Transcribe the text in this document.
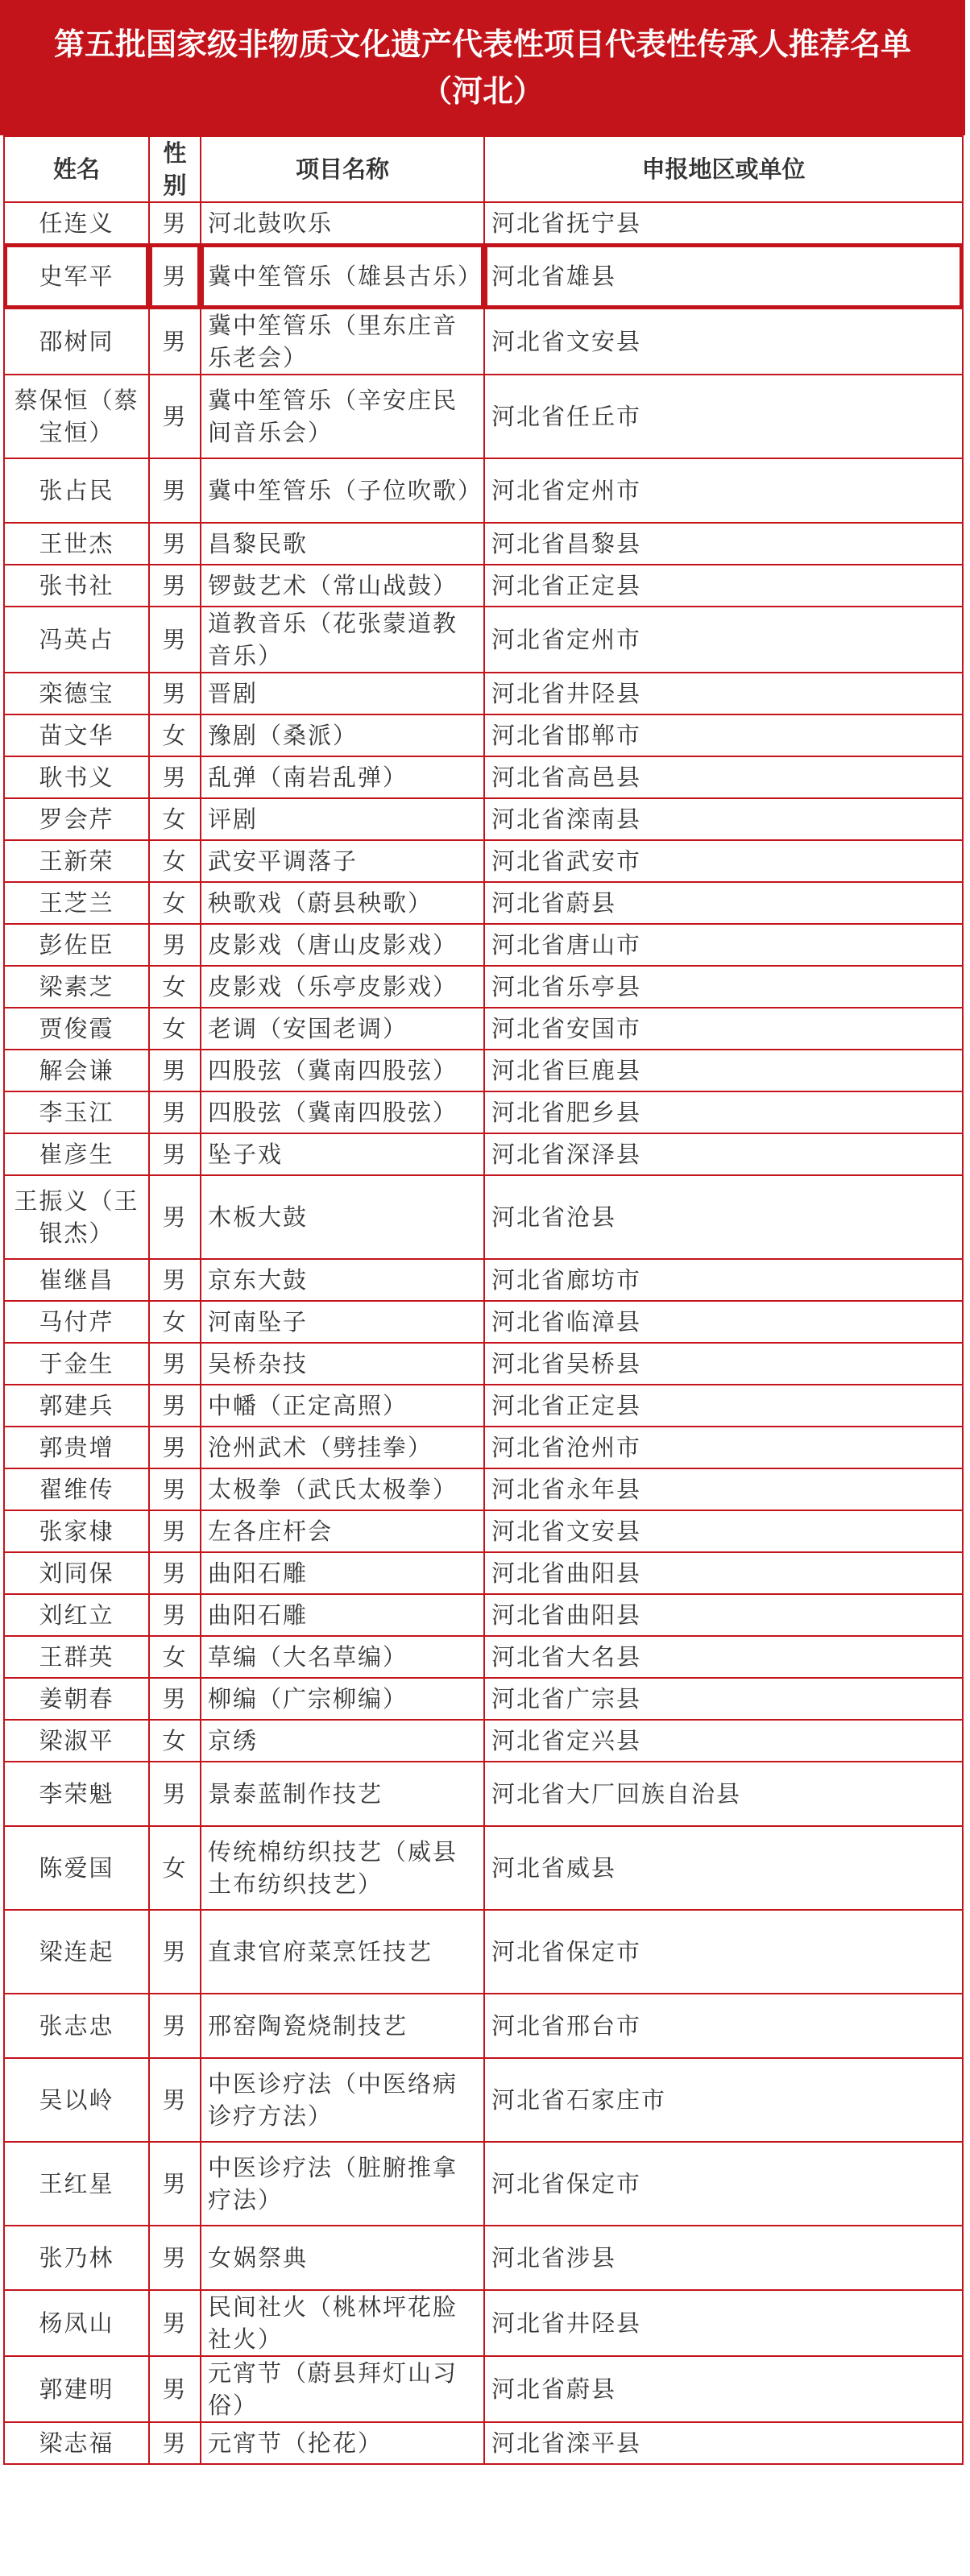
第五批国家级非物质文化遗产代表性项目代表性传承人推荐名单
（河北）
姓名	性别	项目名称	申报地区或单位
任连义	男	河北鼓吹乐	河北省抚宁县
史军平	男	冀中笙管乐（雄县古乐）	河北省雄县
邵树同	男	冀中笙管乐（里东庄音乐老会）	河北省文安县
蔡保恒（蔡宝恒）	男	冀中笙管乐（辛安庄民间音乐会）	河北省任丘市
张占民	男	冀中笙管乐（子位吹歌）	河北省定州市
王世杰	男	昌黎民歌	河北省昌黎县
张书社	男	锣鼓艺术（常山战鼓）	河北省正定县
冯英占	男	道教音乐（花张蒙道教音乐）	河北省定州市
栾德宝	男	晋剧	河北省井陉县
苗文华	女	豫剧（桑派）	河北省邯郸市
耿书义	男	乱弹（南岩乱弹）	河北省高邑县
罗会芹	女	评剧	河北省滦南县
王新荣	女	武安平调落子	河北省武安市
王芝兰	女	秧歌戏（蔚县秧歌）	河北省蔚县
彭佐臣	男	皮影戏（唐山皮影戏）	河北省唐山市
梁素芝	女	皮影戏（乐亭皮影戏）	河北省乐亭县
贾俊霞	女	老调（安国老调）	河北省安国市
解会谦	男	四股弦（冀南四股弦）	河北省巨鹿县
李玉江	男	四股弦（冀南四股弦）	河北省肥乡县
崔彦生	男	坠子戏	河北省深泽县
王振义（王银杰）	男	木板大鼓	河北省沧县
崔继昌	男	京东大鼓	河北省廊坊市
马付芹	女	河南坠子	河北省临漳县
于金生	男	吴桥杂技	河北省吴桥县
郭建兵	男	中幡（正定高照）	河北省正定县
郭贵增	男	沧州武术（劈挂拳）	河北省沧州市
翟维传	男	太极拳（武氏太极拳）	河北省永年县
张家棣	男	左各庄杆会	河北省文安县
刘同保	男	曲阳石雕	河北省曲阳县
刘红立	男	曲阳石雕	河北省曲阳县
王群英	女	草编（大名草编）	河北省大名县
姜朝春	男	柳编（广宗柳编）	河北省广宗县
梁淑平	女	京绣	河北省定兴县
李荣魁	男	景泰蓝制作技艺	河北省大厂回族自治县
陈爱国	女	传统棉纺织技艺（威县土布纺织技艺）	河北省威县
梁连起	男	直隶官府菜烹饪技艺	河北省保定市
张志忠	男	邢窑陶瓷烧制技艺	河北省邢台市
吴以岭	男	中医诊疗法（中医络病诊疗方法）	河北省石家庄市
王红星	男	中医诊疗法（脏腑推拿疗法）	河北省保定市
张乃林	男	女娲祭典	河北省涉县
杨凤山	男	民间社火（桃林坪花脸社火）	河北省井陉县
郭建明	男	元宵节（蔚县拜灯山习俗）	河北省蔚县
梁志福	男	元宵节（抡花）	河北省滦平县
